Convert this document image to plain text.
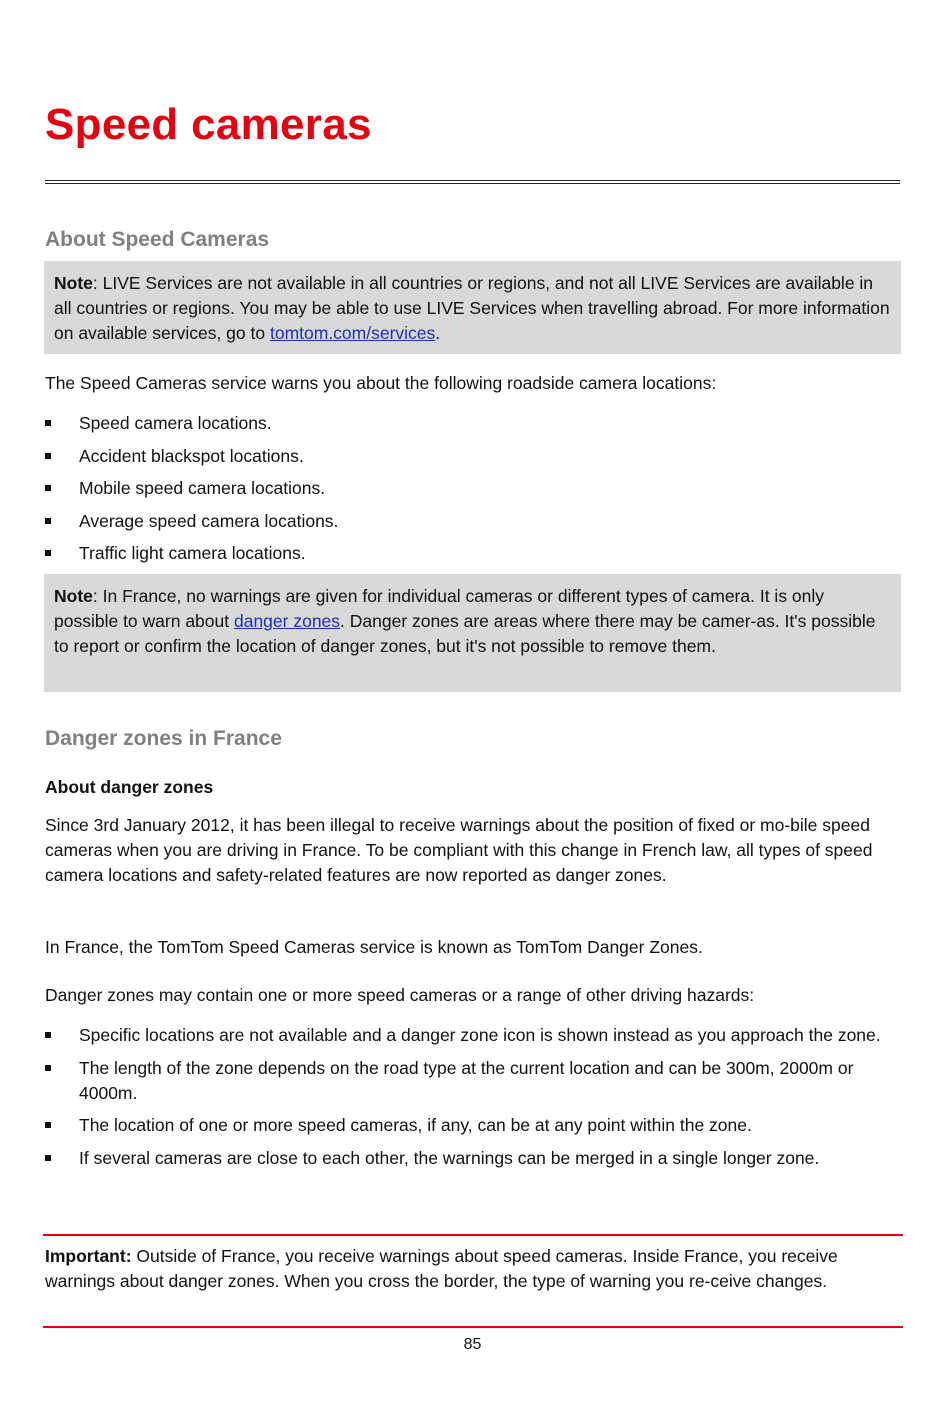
Speed cameras
About Speed Cameras
Note: LIVE Services are not available in all countries or regions, and not all LIVE Services are available in all countries or regions. You may be able to use LIVE Services when travelling abroad. For more information on available services, go to tomtom.com/services.

The Speed Cameras service warns you about the following roadside camera locations:

Speed camera locations.
Accident blackspot locations.
Mobile speed camera locations.
Average speed camera locations.
Traffic light camera locations.
Note: In France, no warnings are given for individual cameras or different types of camera. It is only possible to warn about danger zones. Danger zones are areas where there may be camer-as. It's possible to report or confirm the location of danger zones, but it's not possible to remove them.
Danger zones in France
About danger zones

Since 3rd January 2012, it has been illegal to receive warnings about the position of fixed or mo-bile speed cameras when you are driving in France. To be compliant with this change in French law, all types of speed camera locations and safety-related features are now reported as danger zones.

In France, the TomTom Speed Cameras service is known as TomTom Danger Zones.

Danger zones may contain one or more speed cameras or a range of other driving hazards:

Specific locations are not available and a danger zone icon is shown instead as you approach the zone.
The length of the zone depends on the road type at the current location and can be 300m, 2000m or 4000m.
The location of one or more speed cameras, if any, can be at any point within the zone.
If several cameras are close to each other, the warnings can be merged in a single longer zone.

Important: Outside of France, you receive warnings about speed cameras. Inside France, you receive warnings about danger zones. When you cross the border, the type of warning you re-ceive changes.

85
